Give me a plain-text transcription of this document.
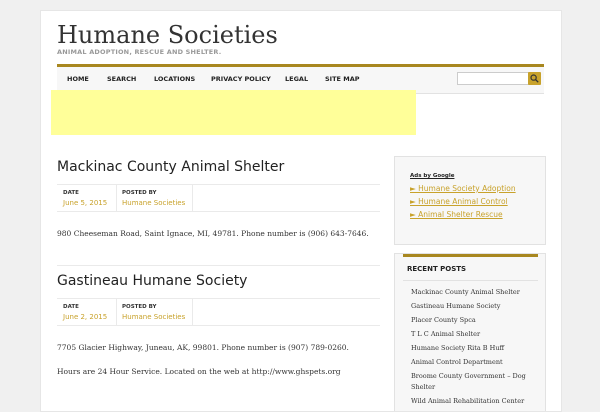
Humane Societies
ANIMAL ADOPTION, RESCUE AND SHELTER.
HOME	SEARCH	LOCATIONS PRIVACY POLICY LEGAL	SITE MAP
Mackinac County Animal Shelter
DATE
June 5, 2015
POSTED BY
Humane Societies
980 Cheeseman Road, Saint Ignace, MI, 49781. Phone number is (906) 643-7646.
Gastineau Humane Society
DATE
June 2, 2015
POSTED BY
Humane Societies
7705 Glacier Highway, Juneau, AK, 99801. Phone number is (907) 789-0260.
Hours are 24 Hour Service. Located on the web at http://www.ghspets.org
Ads by Google
► Humane Society Adoption
► Humane Animal Control
► Animal Shelter Rescue
RECENT POSTS
Mackinac County Animal Shelter
Gastineau Humane Society
Placer County Spca
T L C Animal Shelter
Humane Society Rita B Huff
Animal Control Department
Broome County Government – Dog
Shelter
Wild Animal Rehabilitation Center
